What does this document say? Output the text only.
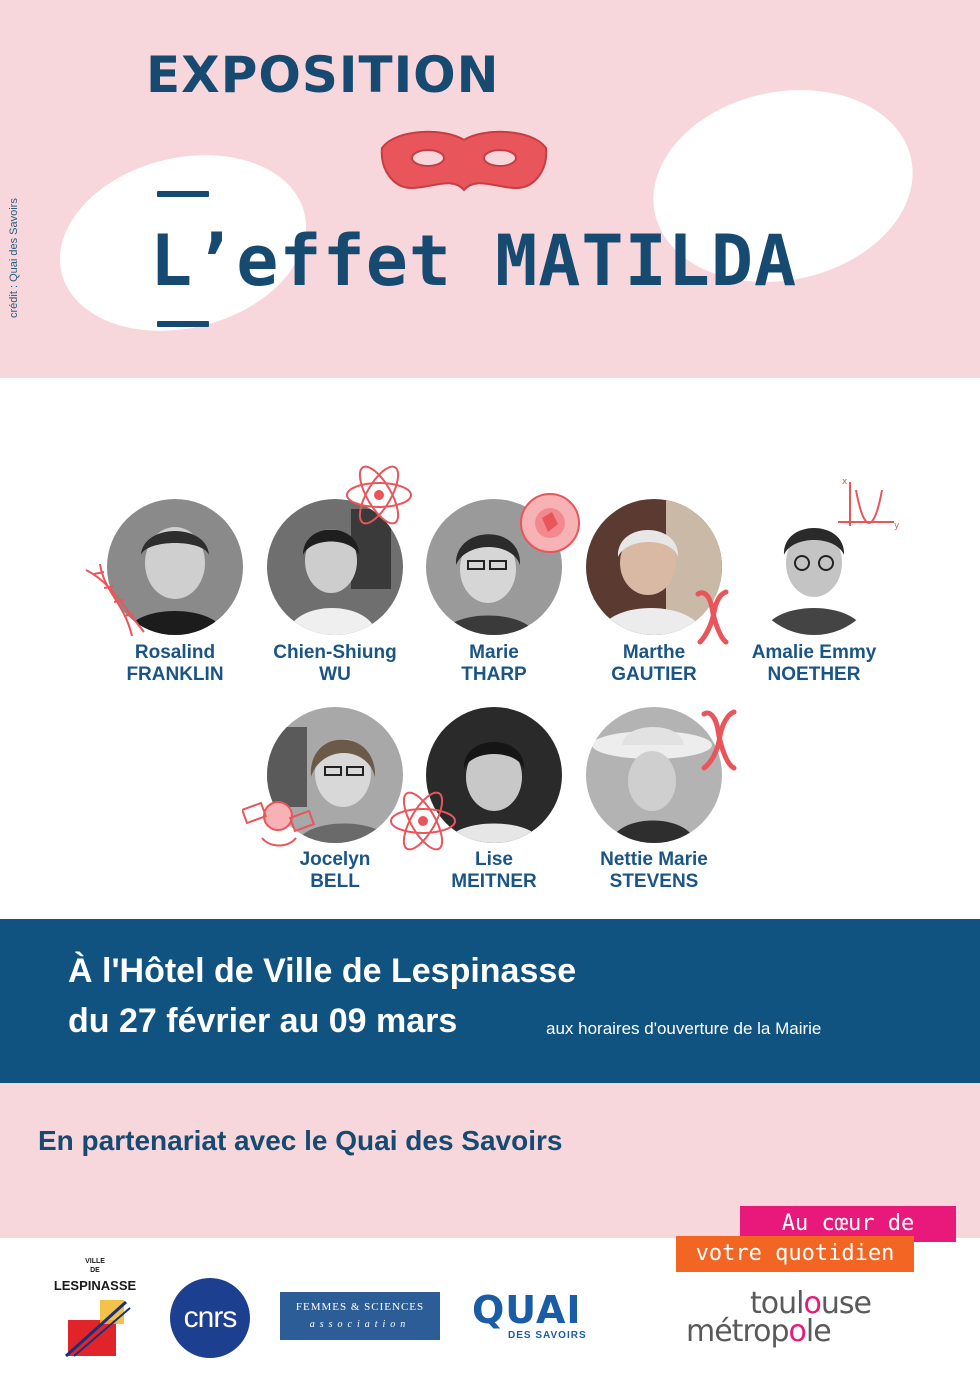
crédit : Quai des Savoirs
EXPOSITION
L’effet MATILDA
x
y
Rosalind
FRANKLIN
Chien-Shiung
WU
Marie
THARP
Marthe
GAUTIER
Amalie Emmy
NOETHER
Jocelyn
BELL
Lise
MEITNER
Nettie Marie
STEVENS
À l'Hôtel de Ville de Lespinasse
du 27 février au 09 mars	aux horaires d'ouverture de la Mairie
En partenariat avec le Quai des Savoirs
Au cœur de
votre quotidien
VILLE
DE
LESPINASSE
cnrs	FEMMES & SCIENCES
association	QUAI
DES SAVOIRS
toulouse
métropole
